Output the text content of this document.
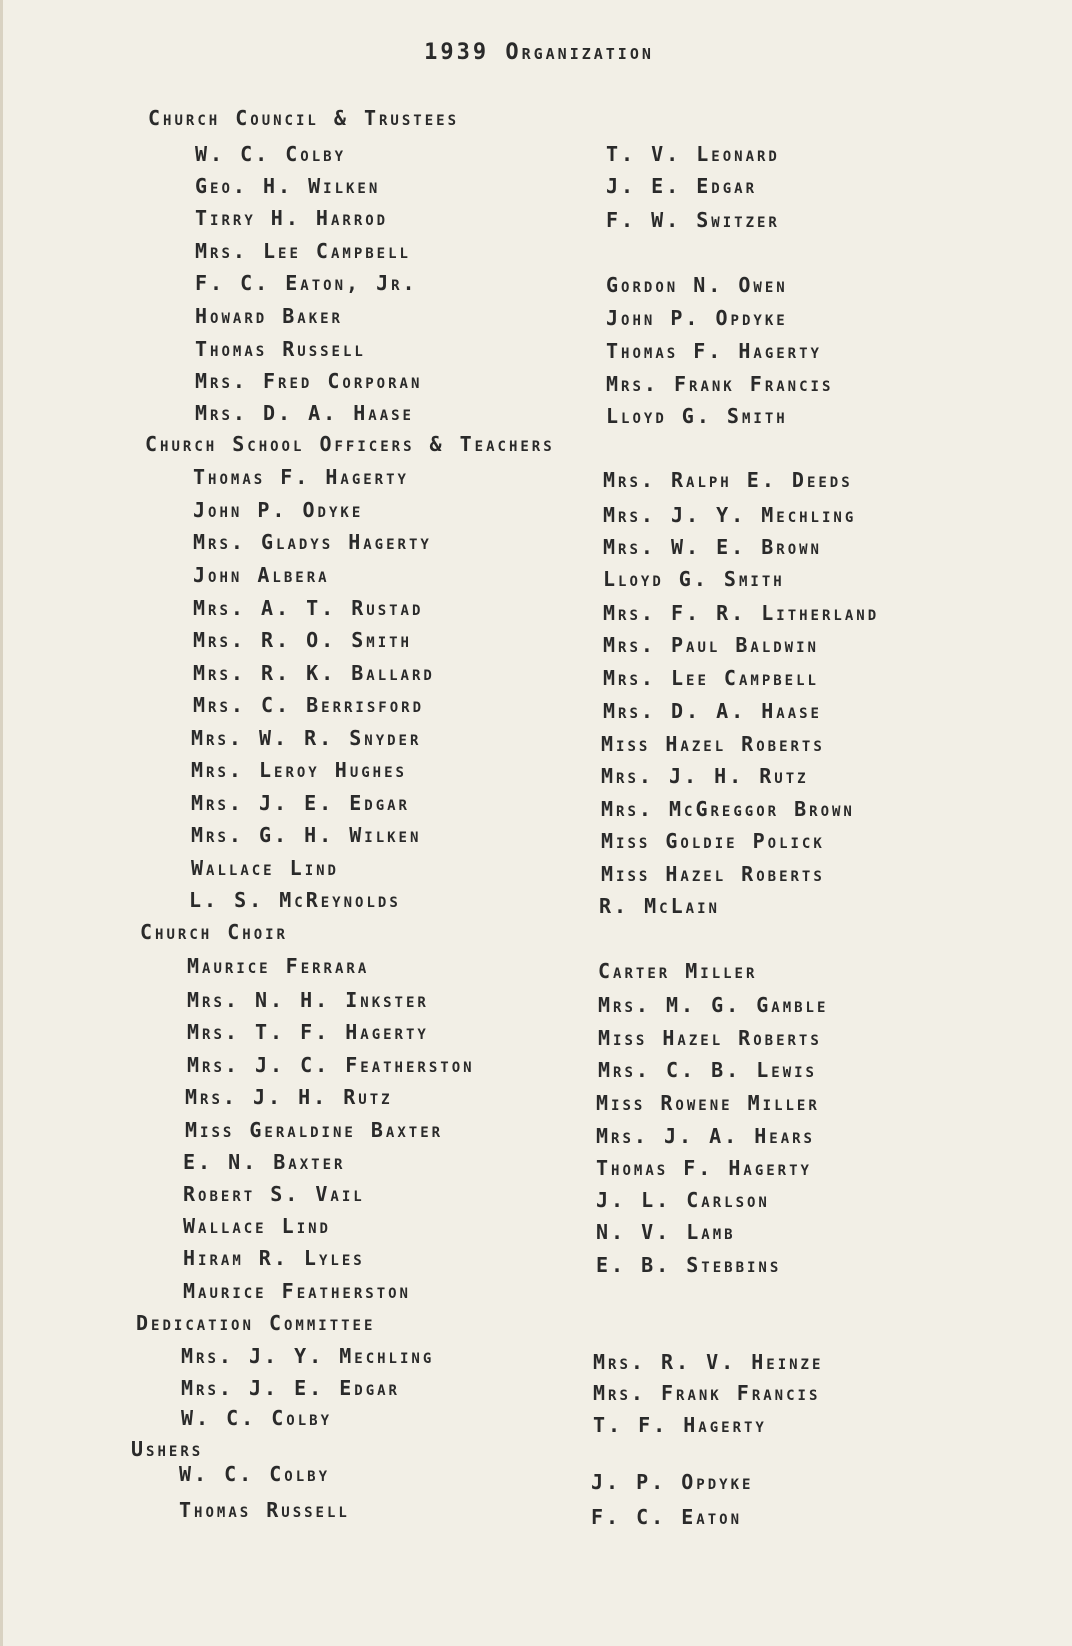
1939 Organization
Church Council & Trustees
W. C. Colby
Geo. H. Wilken
Tirry H. Harrod
Mrs. Lee Campbell
F. C. Eaton, Jr.
Howard Baker
Thomas Russell
Mrs. Fred Corporan
Mrs. D. A. Haase
T. V. Leonard
J. E. Edgar
F. W. Switzer
Gordon N. Owen
John P. Opdyke
Thomas F. Hagerty
Mrs. Frank Francis
Lloyd G. Smith
Church School Officers & Teachers
Thomas F. Hagerty
John P. Odyke
Mrs. Gladys Hagerty
John Albera
Mrs. A. T. Rustad
Mrs. R. O. Smith
Mrs. R. K. Ballard
Mrs. C. Berrisford
Mrs. W. R. Snyder
Mrs. Leroy Hughes
Mrs. J. E. Edgar
Mrs. G. H. Wilken
Wallace Lind
L. S. McReynolds
Mrs. Ralph E. Deeds
Mrs. J. Y. Mechling
Mrs. W. E. Brown
Lloyd G. Smith
Mrs. F. R. Litherland
Mrs. Paul Baldwin
Mrs. Lee Campbell
Mrs. D. A. Haase
Miss Hazel Roberts
Mrs. J. H. Rutz
Mrs. McGreggor Brown
Miss Goldie Polick
Miss Hazel Roberts
R. McLain
Church Choir
Maurice Ferrara
Mrs. N. H. Inkster
Mrs. T. F. Hagerty
Mrs. J. C. Featherston
Mrs. J. H. Rutz
Miss Geraldine Baxter
E. N. Baxter
Robert S. Vail
Wallace Lind
Hiram R. Lyles
Maurice Featherston
Carter Miller
Mrs. M. G. Gamble
Miss Hazel Roberts
Mrs. C. B. Lewis
Miss Rowene Miller
Mrs. J. A. Hears
Thomas F. Hagerty
J. L. Carlson
N. V. Lamb
E. B. Stebbins
Dedication Committee
Mrs. J. Y. Mechling
Mrs. J. E. Edgar
W. C. Colby
Mrs. R. V. Heinze
Mrs. Frank Francis
T. F. Hagerty
Ushers
W. C. Colby
Thomas Russell
J. P. Opdyke
F. C. Eaton
